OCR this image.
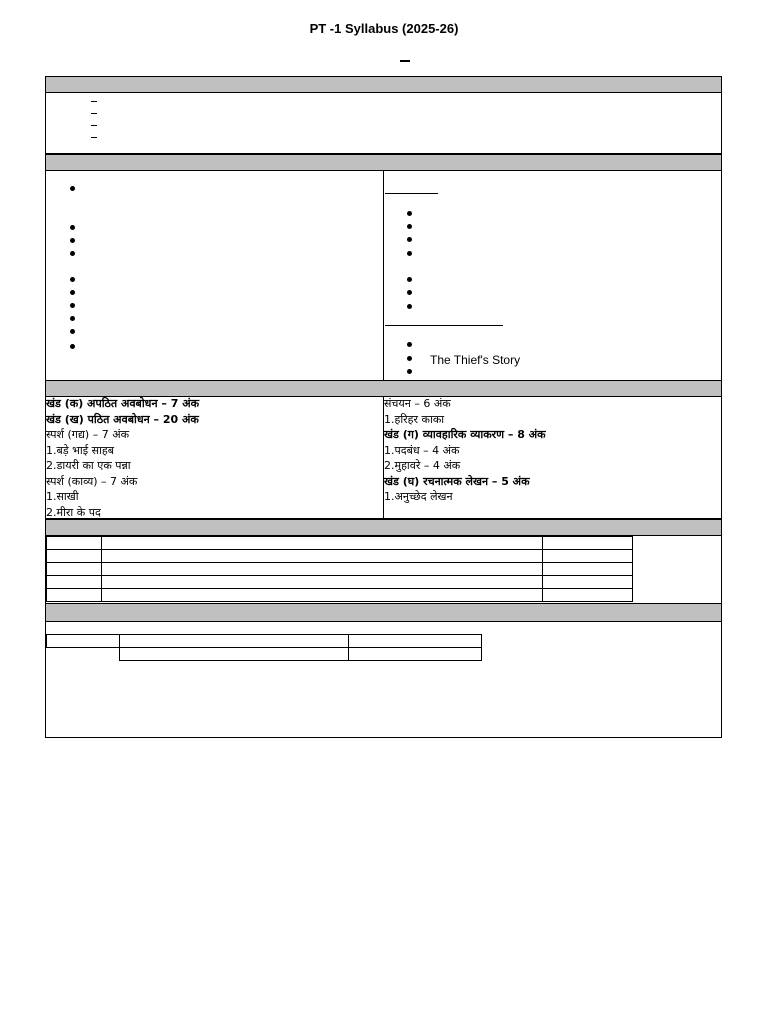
PT -1 Syllabus (2025-26)
The Thief's Story
खंड (क) अपठित अवबोधन – 7 अंक
खंड (ख) पठित अवबोधन – 20 अंक
स्पर्श (गद्य) – 7 अंक
1.बड़े भाई साहब
2.डायरी का एक पन्ना
स्पर्श (काव्य) – 7 अंक
1.साखी
2.मीरा के पद
संचयन – 6 अंक
1.हरिहर काका
खंड (ग) व्यावहारिक व्याकरण – 8 अंक
1.पदबंध – 4 अंक
2.मुहावरे – 4 अंक
खंड (घ) रचनात्मक लेखन – 5 अंक
1.अनुच्छेद लेखन
